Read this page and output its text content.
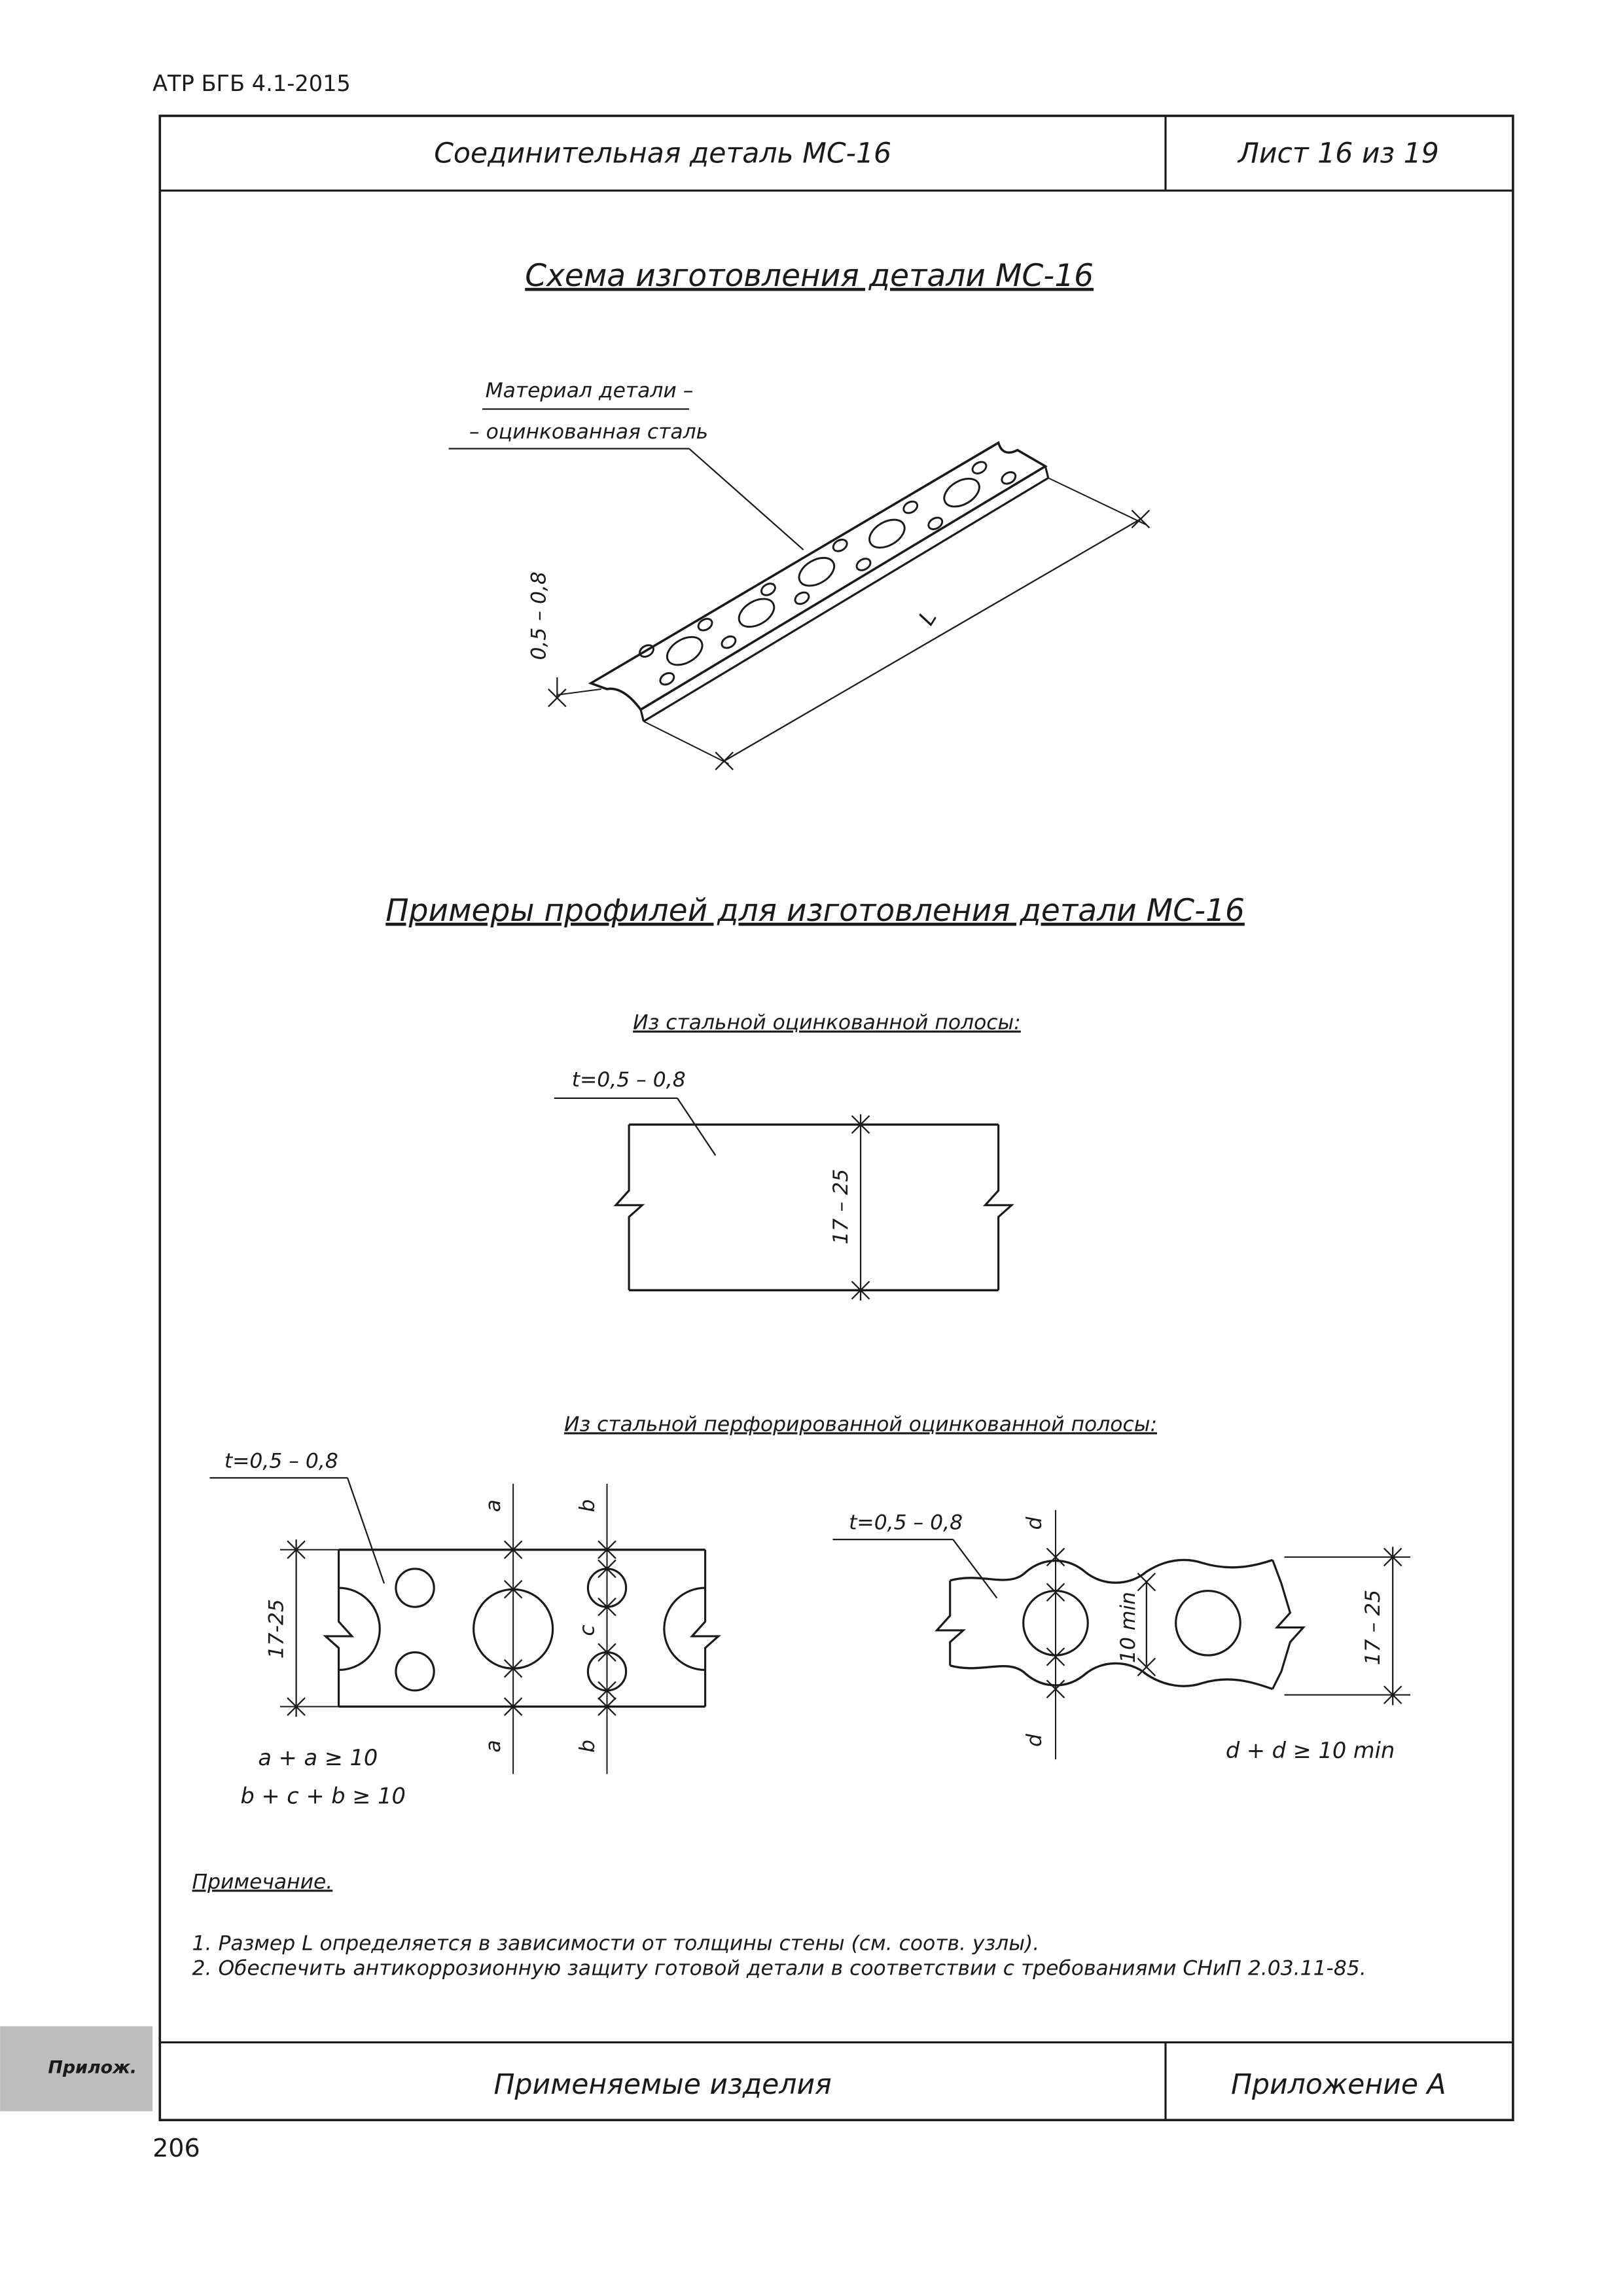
АТР БГБ 4.1-2015
Соединительная деталь МС-16	Лист 16 из 19
Применяемые изделия	Приложение А
Схема изготовления детали МС-16
Материал детали –
– оцинкованная сталь
0,5 – 0,8	L
Примеры профилей для изготовления детали МС-16
Из стальной оцинкованной полосы:
t=0,5 – 0,8
17 – 25
Из стальной перфорированной оцинкованной полосы:
t=0,5 – 0,8
17-25
a
a
b
b
c
a + a ≥ 10
b + c + b ≥ 10
t=0,5 – 0,8	d
d
10 min	17 – 25
d + d ≥ 10 min
Примечание.
1. Размер L определяется в зависимости от толщины стены (см. соотв. узлы).
2. Обеспечить антикоррозионную защиту готовой детали в соответствии с требованиями СНиП 2.03.11-85.
Прилож.
206
